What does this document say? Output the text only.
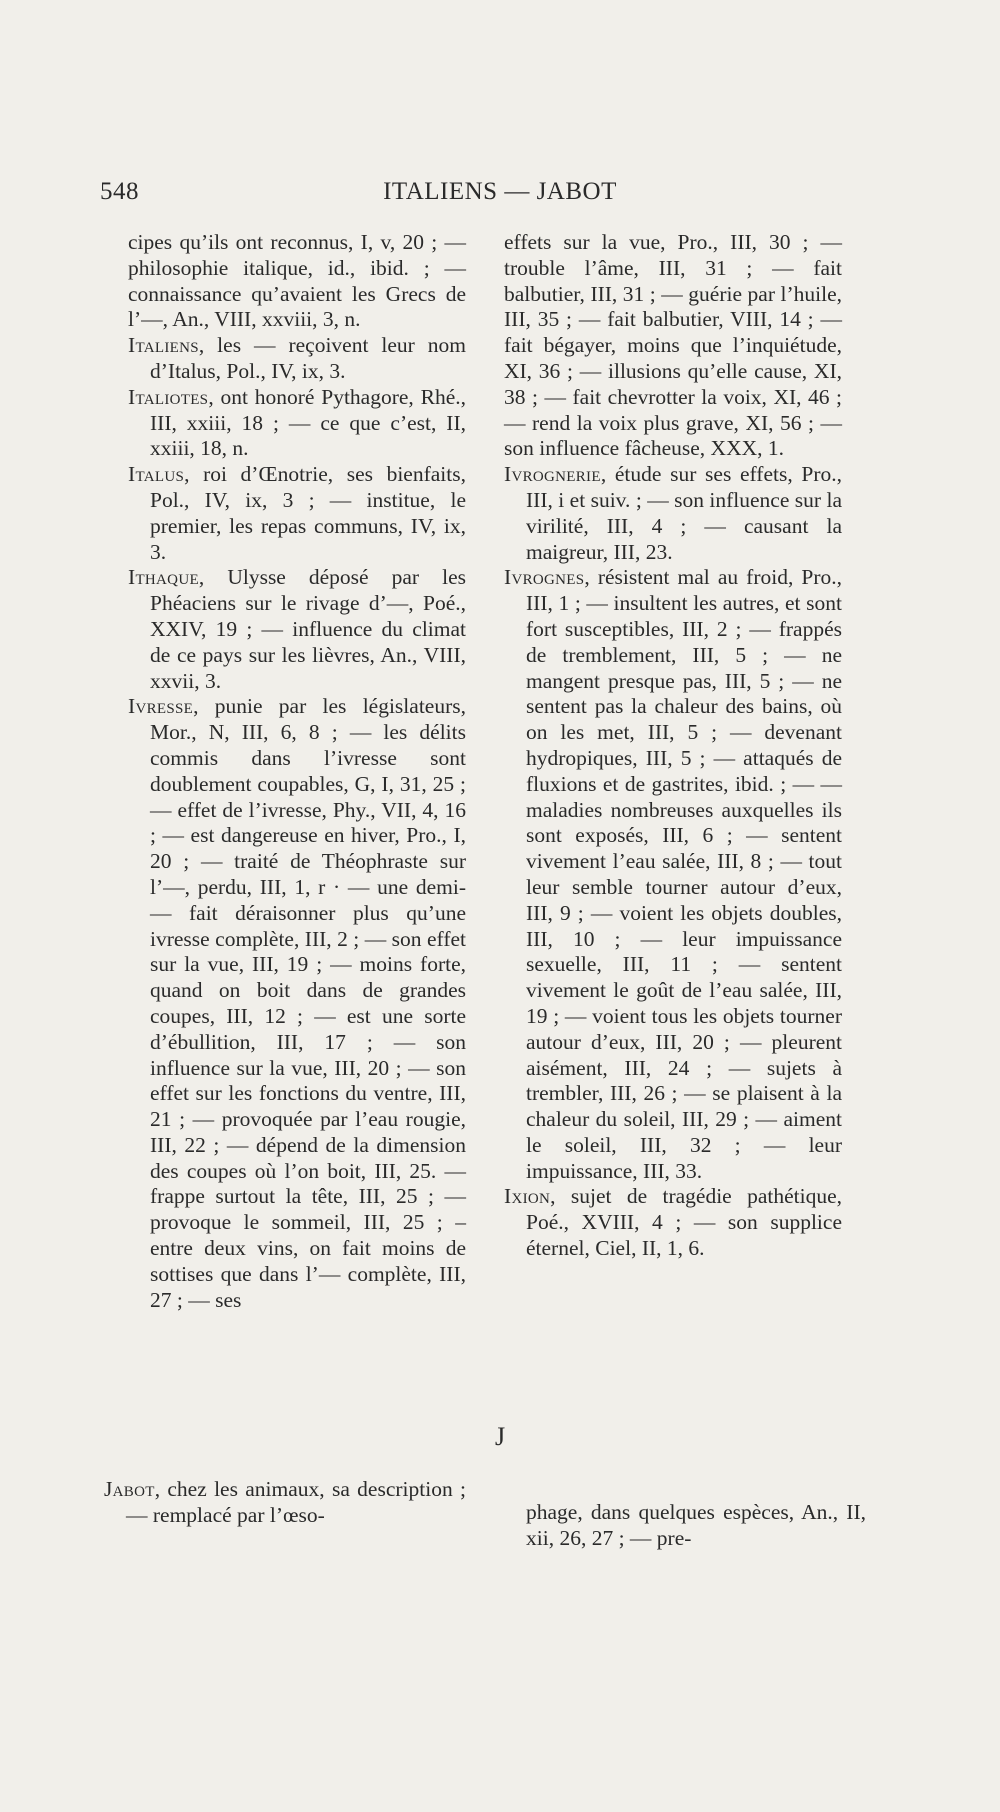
548	ITALIENS — JABOT

cipes qu’ils ont reconnus, I, v, 20 ; — philosophie italique, id., ibid. ; — connaissance qu’avaient les Grecs de l’—, An., VIII, xxviii, 3, n.

Italiens, les — reçoivent leur nom d’Italus, Pol., IV, ix, 3.

Italiotes, ont honoré Pythagore, Rhé., III, xxiii, 18 ; — ce que c’est, II, xxiii, 18, n.

Italus, roi d’Œnotrie, ses bienfaits, Pol., IV, ix, 3 ; — institue, le premier, les repas communs, IV, ix, 3.

Ithaque, Ulysse déposé par les Phéaciens sur le rivage d’—, Poé., XXIV, 19 ; — influence du climat de ce pays sur les lièvres, An., VIII, xxvii, 3.

Ivresse, punie par les législateurs, Mor., N, III, 6, 8 ; — les délits commis dans l’ivresse sont doublement coupables, G, I, 31, 25 ; — effet de l’ivresse, Phy., VII, 4, 16 ; — est dangereuse en hiver, Pro., I, 20 ; — traité de Théophraste sur l’—, perdu, III, 1, r · — une demi- — fait déraisonner plus qu’une ivresse complète, III, 2 ; — son effet sur la vue, III, 19 ; — moins forte, quand on boit dans de grandes coupes, III, 12 ; — est une sorte d’ébullition, III, 17 ; — son influence sur la vue, III, 20 ; — son effet sur les fonctions du ventre, III, 21 ; — provoquée par l’eau rougie, III, 22 ; — dépend de la dimension des coupes où l’on boit, III, 25. — frappe surtout la tête, III, 25 ; — provoque le sommeil, III, 25 ; – entre deux vins, on fait moins de sottises que dans l’— complète, III, 27 ; — ses

effets sur la vue, Pro., III, 30 ; — trouble l’âme, III, 31 ; — fait balbutier, III, 31 ; — guérie par l’huile, III, 35 ; — fait balbutier, VIII, 14 ; — fait bégayer, moins que l’inquiétude, XI, 36 ; — illusions qu’elle cause, XI, 38 ; — fait chevrotter la voix, XI, 46 ; — rend la voix plus grave, XI, 56 ; — son influence fâcheuse, XXX, 1.

Ivrognerie, étude sur ses effets, Pro., III, i et suiv. ; — son influence sur la virilité, III, 4 ; — causant la maigreur, III, 23.

Ivrognes, résistent mal au froid, Pro., III, 1 ; — insultent les autres, et sont fort susceptibles, III, 2 ; — frappés de tremblement, III, 5 ; — ne mangent presque pas, III, 5 ; — ne sentent pas la chaleur des bains, où on les met, III, 5 ; — devenant hydropiques, III, 5 ; — attaqués de fluxions et de gastrites, ibid. ; — — maladies nombreuses auxquelles ils sont exposés, III, 6 ; — sentent vivement l’eau salée, III, 8 ; — tout leur semble tourner autour d’eux, III, 9 ; — voient les objets doubles, III, 10 ; — leur impuissance sexuelle, III, 11 ; — sentent vivement le goût de l’eau salée, III, 19 ; — voient tous les objets tourner autour d’eux, III, 20 ; — pleurent aisément, III, 24 ; — sujets à trembler, III, 26 ; — se plaisent à la chaleur du soleil, III, 29 ; — aiment le soleil, III, 32 ; — leur impuissance, III, 33.

Ixion, sujet de tragédie pathétique, Poé., XVIII, 4 ; — son supplice éternel, Ciel, II, 1, 6.

J

Jabot, chez les animaux, sa description ; — remplacé par l’œso-	phage, dans quelques espèces, An., II, xii, 26, 27 ; — pre-
